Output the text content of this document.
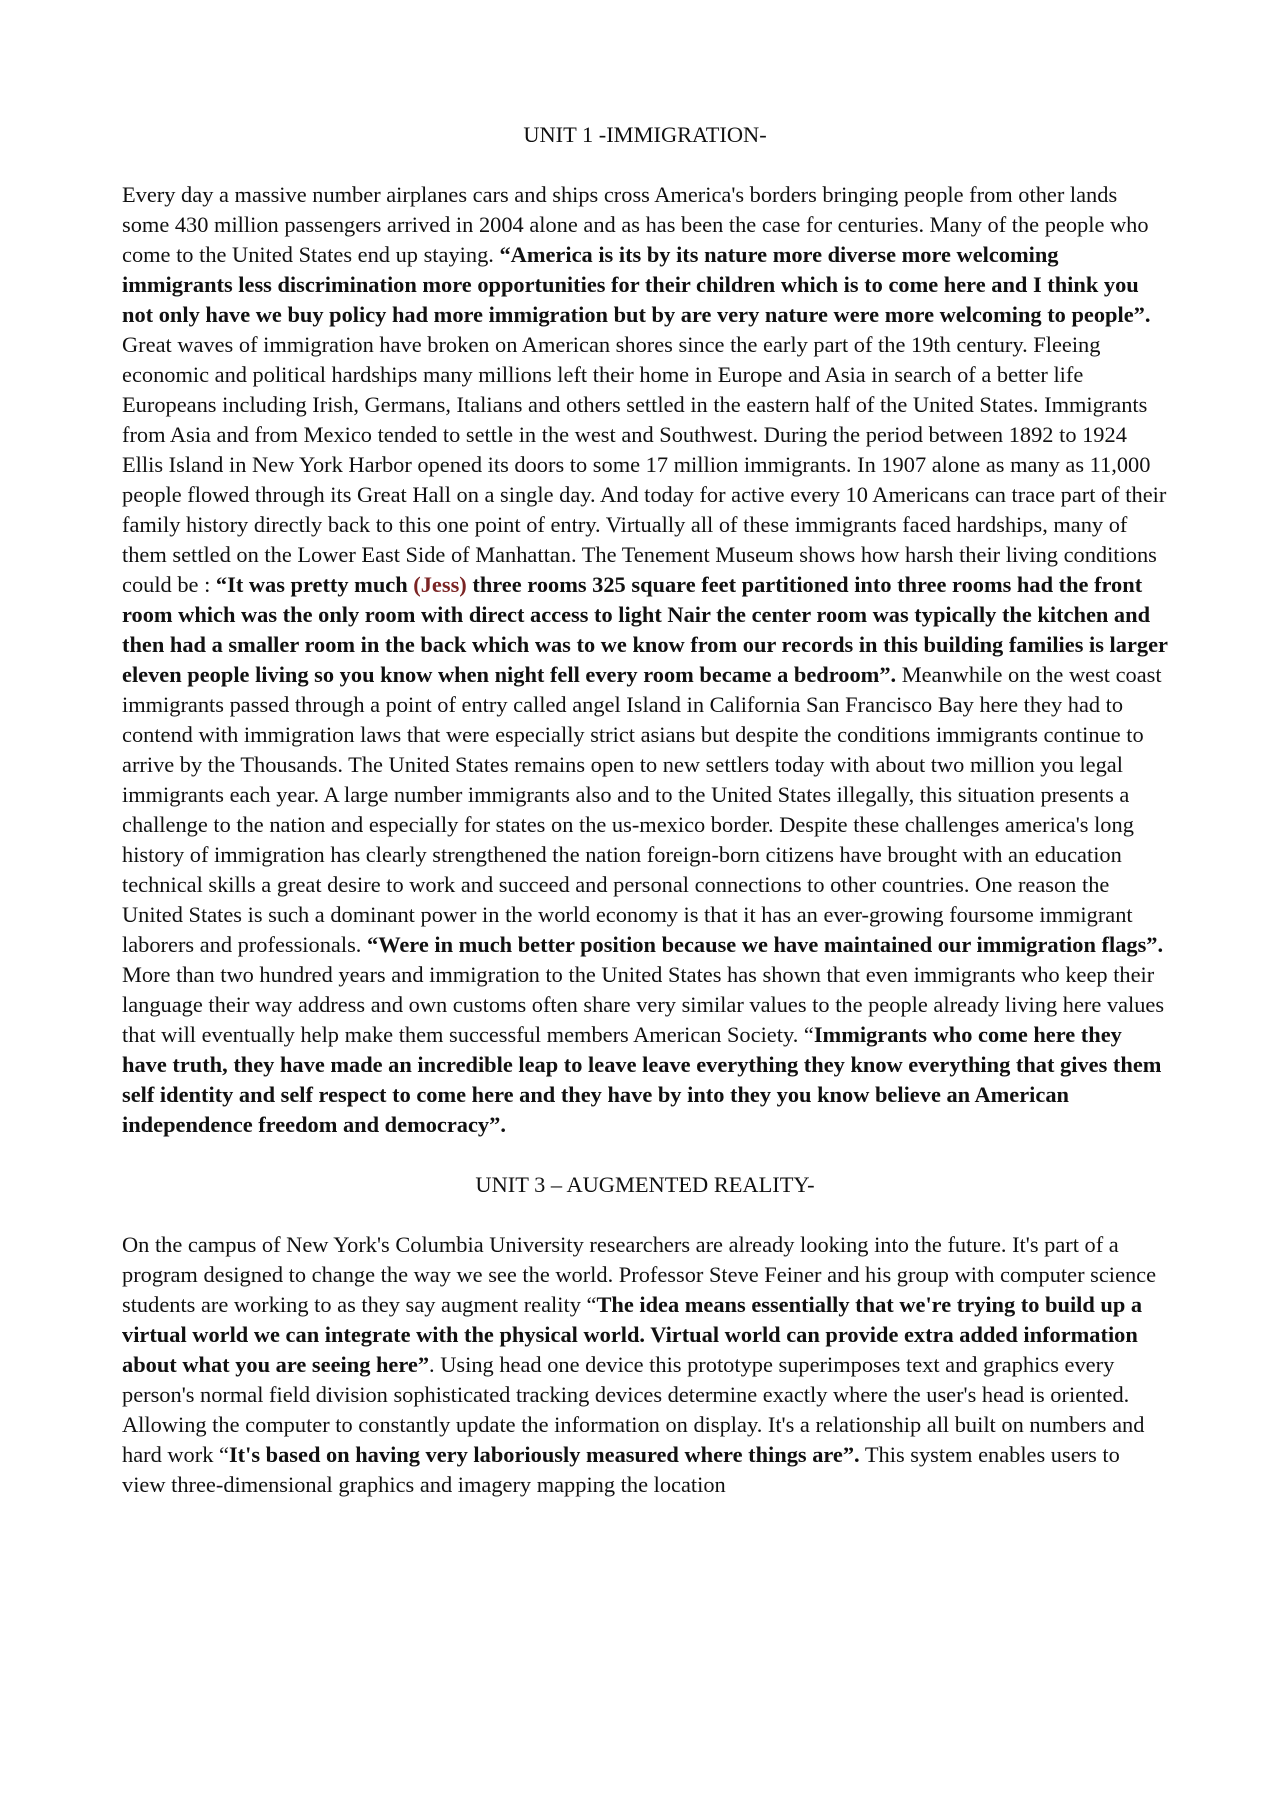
UNIT 1 -IMMIGRATION-

Every day a massive number airplanes cars and ships cross America's borders bringing people from other lands some 430 million passengers arrived in 2004 alone and as has been the case for centuries. Many of the people who come to the United States end up staying. “America is its by its nature more diverse more welcoming immigrants less discrimination more opportunities for their children which is to come here and I think you not only have we buy policy had more immigration but by are very nature were more welcoming to people”. Great waves of immigration have broken on American shores since the early part of the 19th century. Fleeing economic and political hardships many millions left their home in Europe and Asia in search of a better life Europeans including Irish, Germans, Italians and others settled in the eastern half of the United States. Immigrants from Asia and from Mexico tended to settle in the west and Southwest. During the period between 1892 to 1924 Ellis Island in New York Harbor opened its doors to some 17 million immigrants. In 1907 alone as many as 11,000 people flowed through its Great Hall on a single day. And today for active every 10 Americans can trace part of their family history directly back to this one point of entry. Virtually all of these immigrants faced hardships, many of them settled on the Lower East Side of Manhattan. The Tenement Museum shows how harsh their living conditions could be : “It was pretty much (Jess) three rooms 325 square feet partitioned into three rooms had the front room which was the only room with direct access to light Nair the center room was typically the kitchen and then had a smaller room in the back which was to we know from our records in this building families is larger eleven people living so you know when night fell every room became a bedroom”. Meanwhile on the west coast immigrants passed through a point of entry called angel Island in California San Francisco Bay here they had to contend with immigration laws that were especially strict asians but despite the conditions immigrants continue to arrive by the Thousands. The United States remains open to new settlers today with about two million you legal immigrants each year. A large number immigrants also and to the United States illegally, this situation presents a challenge to the nation and especially for states on the us-mexico border. Despite these challenges america's long history of immigration has clearly strengthened the nation foreign-born citizens have brought with an education technical skills a great desire to work and succeed and personal connections to other countries. One reason the United States is such a dominant power in the world economy is that it has an ever-growing foursome immigrant laborers and professionals. “Were in much better position because we have maintained our immigration flags”. More than two hundred years and immigration to the United States has shown that even immigrants who keep their language their way address and own customs often share very similar values to the people already living here values that will eventually help make them successful members American Society. “Immigrants who come here they have truth, they have made an incredible leap to leave leave everything they know everything that gives them self identity and self respect to come here and they have by into they you know believe an American independence freedom and democracy”.

UNIT 3 – AUGMENTED REALITY-

On the campus of New York's Columbia University researchers are already looking into the future. It's part of a program designed to change the way we see the world. Professor Steve Feiner and his group with computer science students are working to as they say augment reality “The idea means essentially that we're trying to build up a virtual world we can integrate with the physical world. Virtual world can provide extra added information about what you are seeing here”. Using head one device this prototype superimposes text and graphics every person's normal field division sophisticated tracking devices determine exactly where the user's head is oriented. Allowing the computer to constantly update the information on display. It's a relationship all built on numbers and hard work “It's based on having very laboriously measured where things are”. This system enables users to view three-dimensional graphics and imagery mapping the location
